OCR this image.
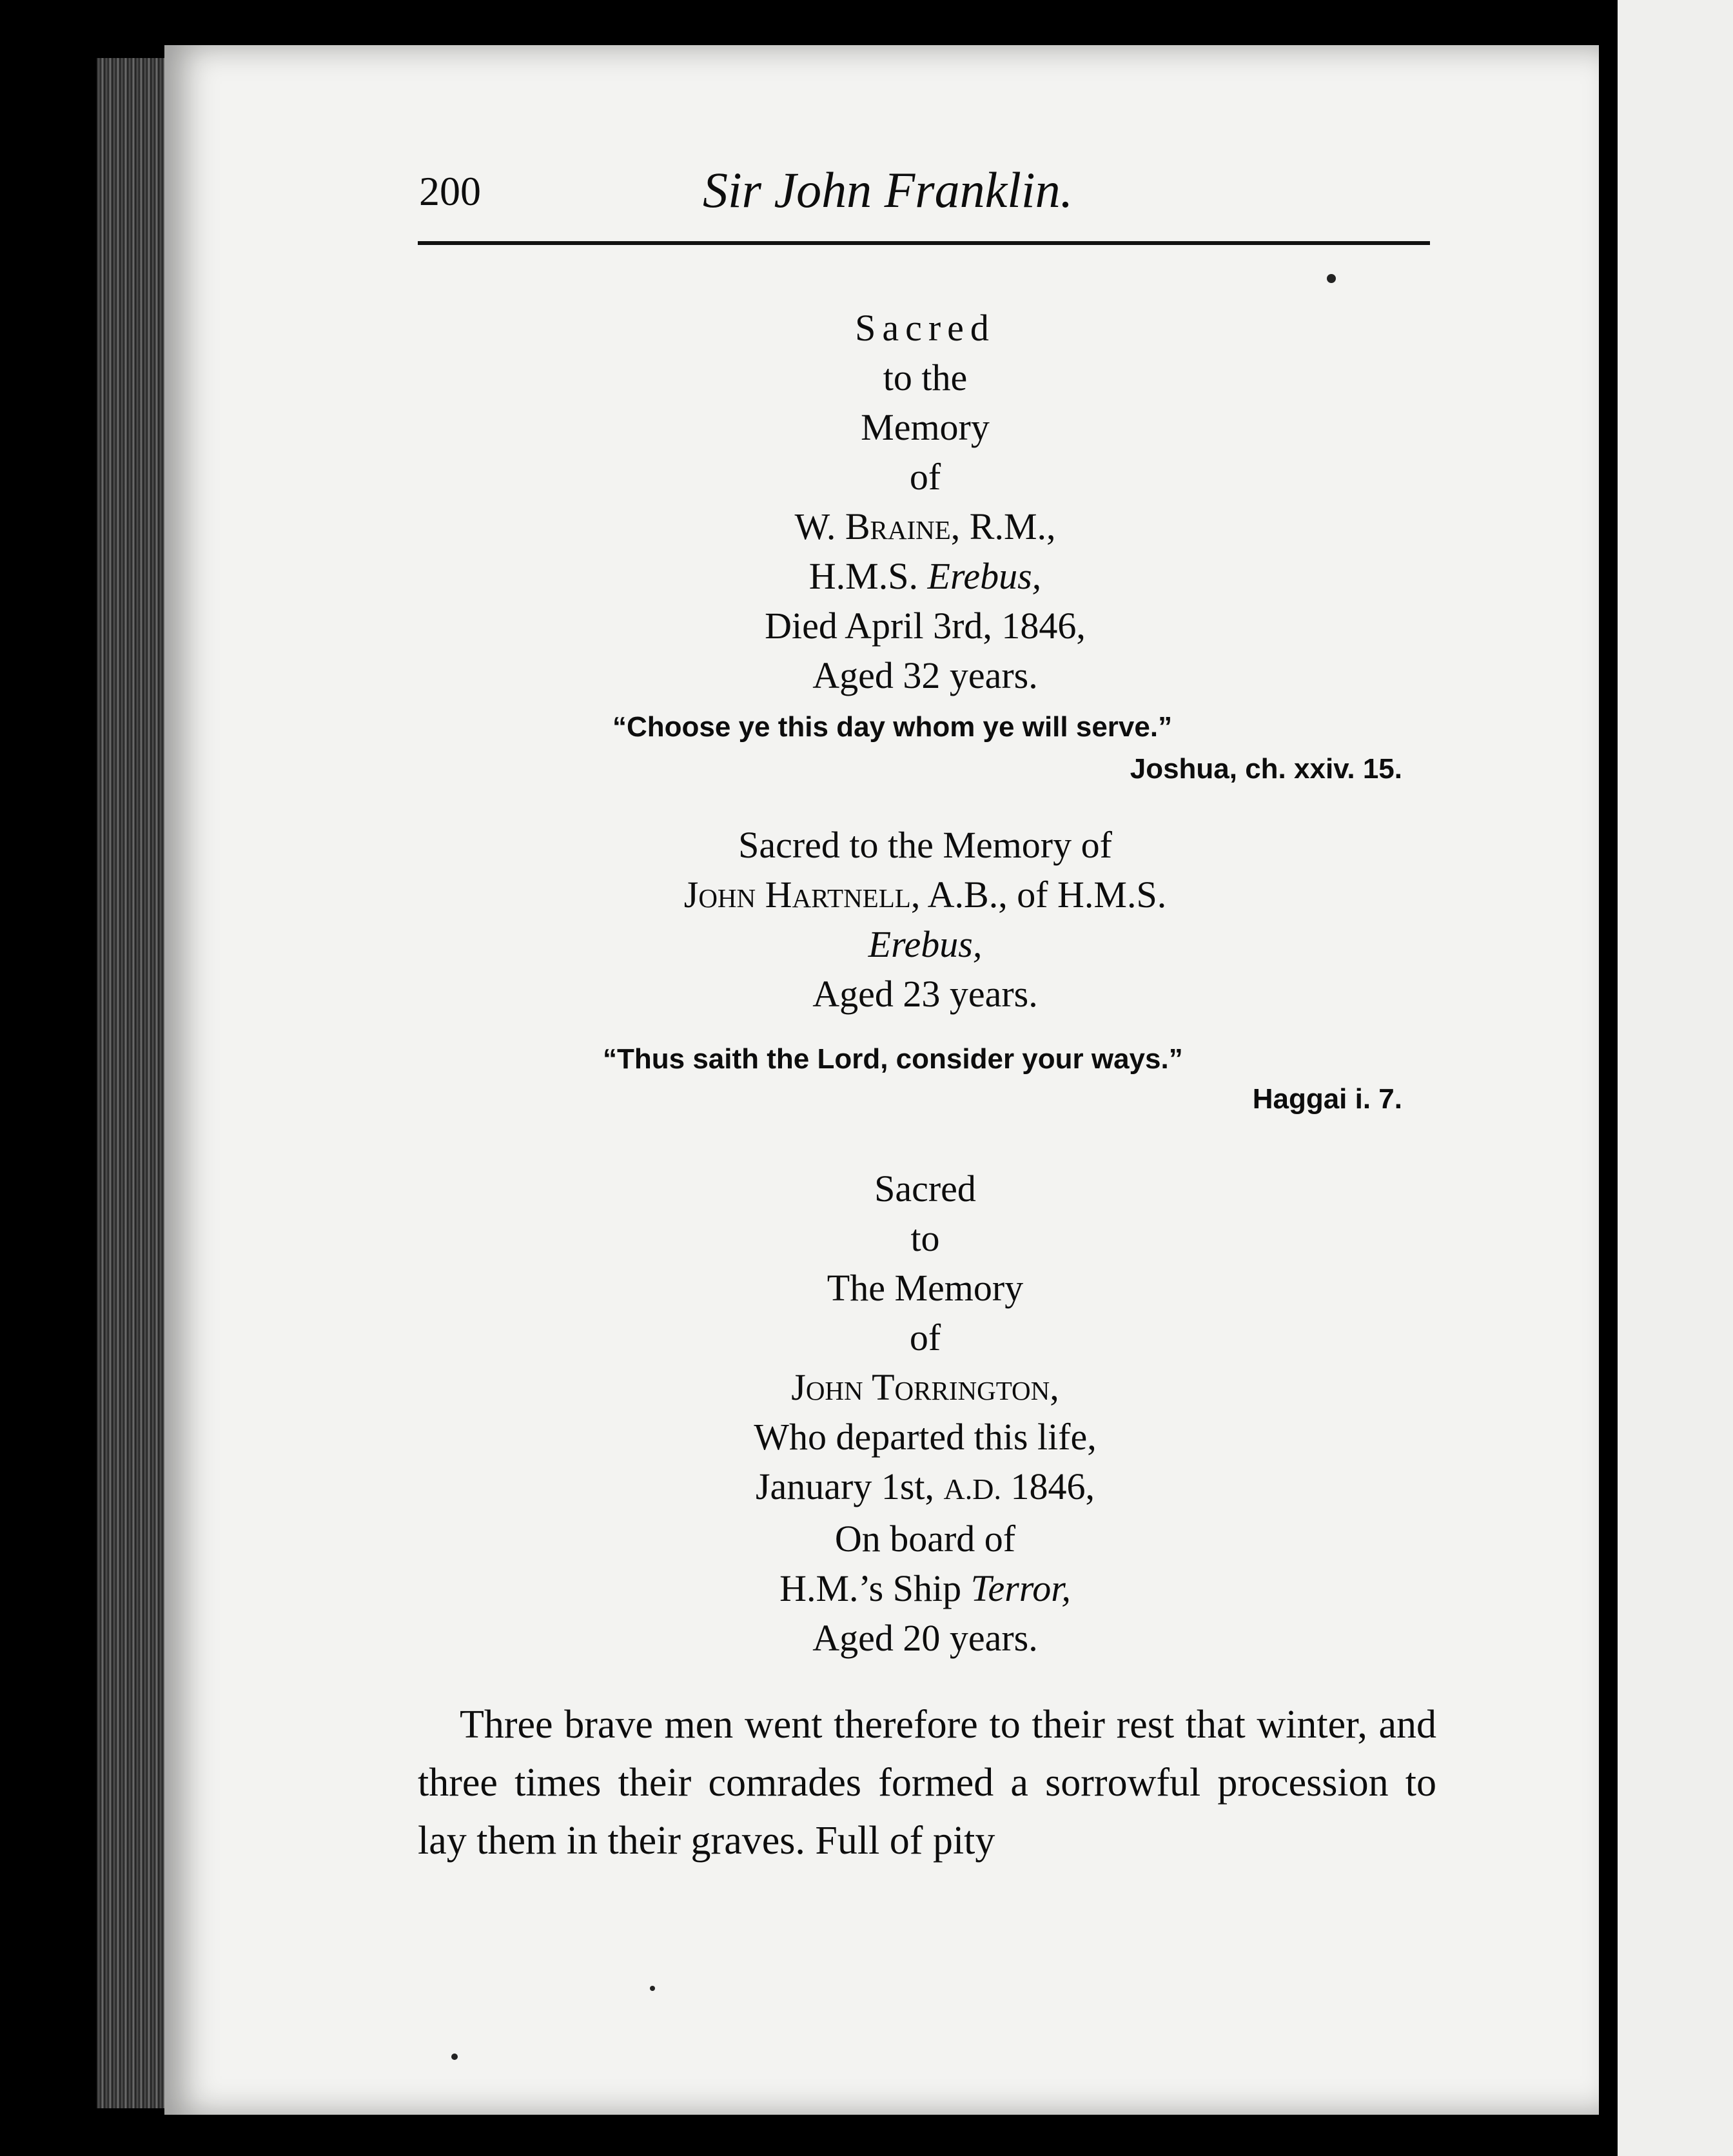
200	Sir John Franklin.
Sacred
to the
Memory
of
W. Braine, R.M.,
H.M.S. Erebus,
Died April 3rd, 1846,
Aged 32 years.
“Choose ye this day whom ye will serve.”
Joshua, ch. xxiv. 15.
Sacred to the Memory of
John Hartnell, A.B., of H.M.S.
Erebus,
Aged 23 years.
“Thus saith the Lord, consider your ways.”
Haggai i. 7.
Sacred
to
The Memory
of
John Torrington,
Who departed this life,
January 1st, A.D. 1846,
On board of
H.M.’s Ship Terror,
Aged 20 years.
Three brave men went therefore to their rest that winter, and three times their comrades formed a sorrowful procession to lay them in their graves. Full of pity
